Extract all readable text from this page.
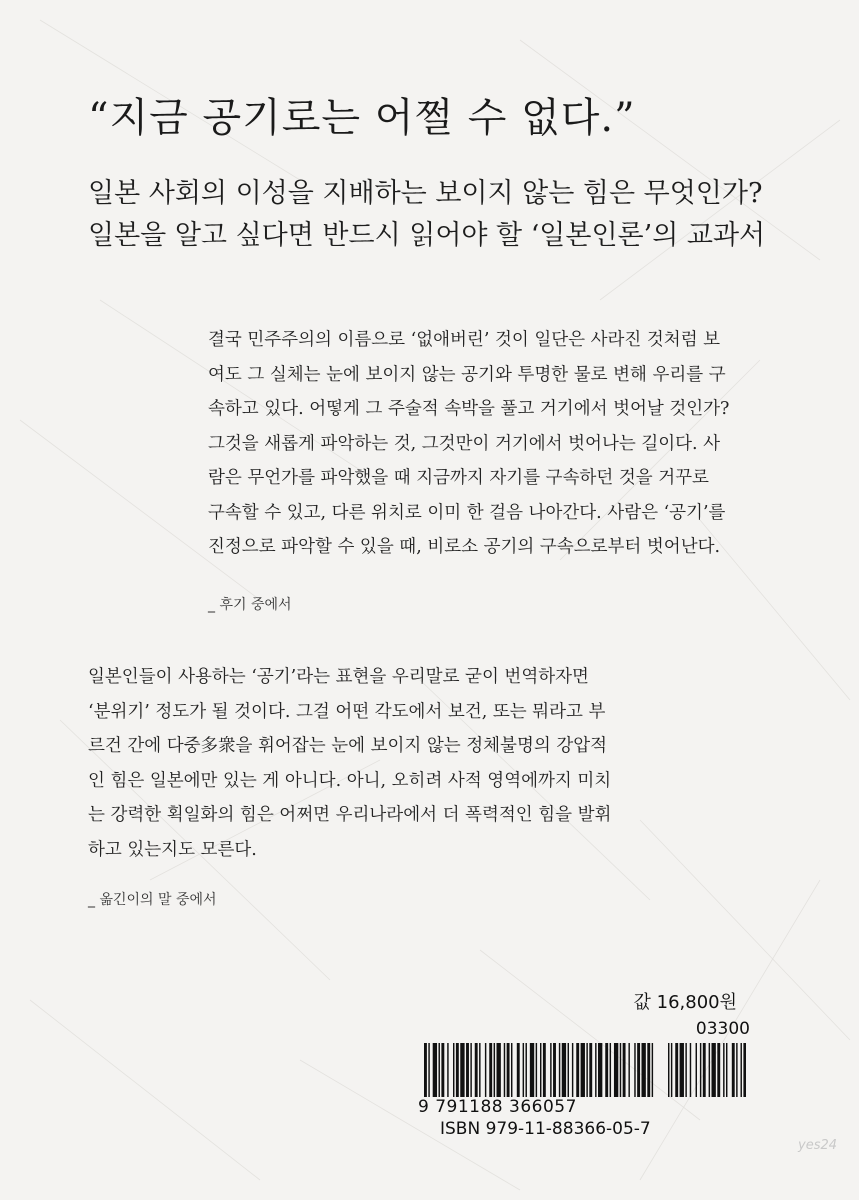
“지금 공기로는 어쩔 수 없다.”
일본 사회의 이성을 지배하는 보이지 않는 힘은 무엇인가?
일본을 알고 싶다면 반드시 읽어야 할 ‘일본인론’의 교과서
결국 민주주의의 이름으로 ‘없애버린’ 것이 일단은 사라진 것처럼 보
여도 그 실체는 눈에 보이지 않는 공기와 투명한 물로 변해 우리를 구
속하고 있다. 어떻게 그 주술적 속박을 풀고 거기에서 벗어날 것인가?
그것을 새롭게 파악하는 것, 그것만이 거기에서 벗어나는 길이다. 사
람은 무언가를 파악했을 때 지금까지 자기를 구속하던 것을 거꾸로
구속할 수 있고, 다른 위치로 이미 한 걸음 나아간다. 사람은 ‘공기’를
진정으로 파악할 수 있을 때, 비로소 공기의 구속으로부터 벗어난다.
_ 후기 중에서
일본인들이 사용하는 ‘공기’라는 표현을 우리말로 굳이 번역하자면
‘분위기’ 정도가 될 것이다. 그걸 어떤 각도에서 보건, 또는 뭐라고 부
르건 간에 다중多衆을 휘어잡는 눈에 보이지 않는 정체불명의 강압적
인 힘은 일본에만 있는 게 아니다. 아니, 오히려 사적 영역에까지 미치
는 강력한 획일화의 힘은 어쩌면 우리나라에서 더 폭력적인 힘을 발휘
하고 있는지도 모른다.
_ 옮긴이의 말 중에서
값 16,800원
03300
9 791188 366057
ISBN 979-11-88366-05-7
yes24
